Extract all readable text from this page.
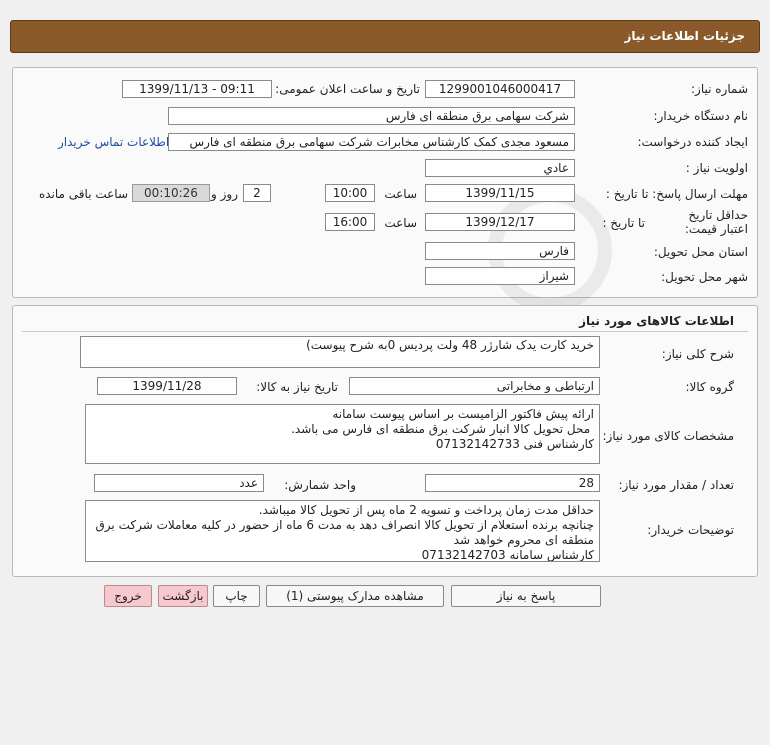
جزئیات اطلاعات نیاز
شماره نیاز:
1299001046000417
تاریخ و ساعت اعلان عمومی:
1399/11/13 - 09:11
نام دستگاه خریدار:
شرکت سهامی برق منطقه ای فارس
ایجاد کننده درخواست:
مسعود مجدی کمک کارشناس مخابرات شرکت سهامی برق منطقه ای فارس
اطلاعات تماس خریدار
اولویت نیاز :
عادي
مهلت ارسال پاسخ: تا تاریخ :
1399/11/15
ساعت
10:00
2
روز و
00:10:26
ساعت باقی مانده
حداقل تاریخ اعتبار قیمت:
تا تاریخ :
1399/12/17
ساعت
16:00
استان محل تحویل:
فارس
شهر محل تحویل:
شیراز
اطلاعات کالاهای مورد نیاز
شرح کلی نیاز:
خرید کارت یدک شارژر 48 ولت پردیس 0به شرح پیوست)
گروه کالا:
ارتباطی و مخابراتی
تاریخ نیاز به کالا:
1399/11/28
مشخصات کالای مورد نیاز:
ارائه پیش فاکتور الزامیست بر اساس پیوست سامانه
محل تحویل کالا انبار شرکت برق منطقه ای فارس می باشد.
کارشناس فنی 07132142733
تعداد / مقدار مورد نیاز:
28
واحد شمارش:
عدد
توضیحات خریدار:
حداقل مدت زمان پرداخت و تسویه 2 ماه پس از تحویل کالا میباشد.
چنانچه برنده استعلام از تحویل کالا انصراف دهد به مدت 6 ماه از حضور در کلیه معاملات شرکت برق منطقه ای محروم خواهد شد
کارشناس سامانه 07132142703
پاسخ به نیاز
مشاهده مدارک پیوستی (1)
چاپ
بازگشت
خروج
